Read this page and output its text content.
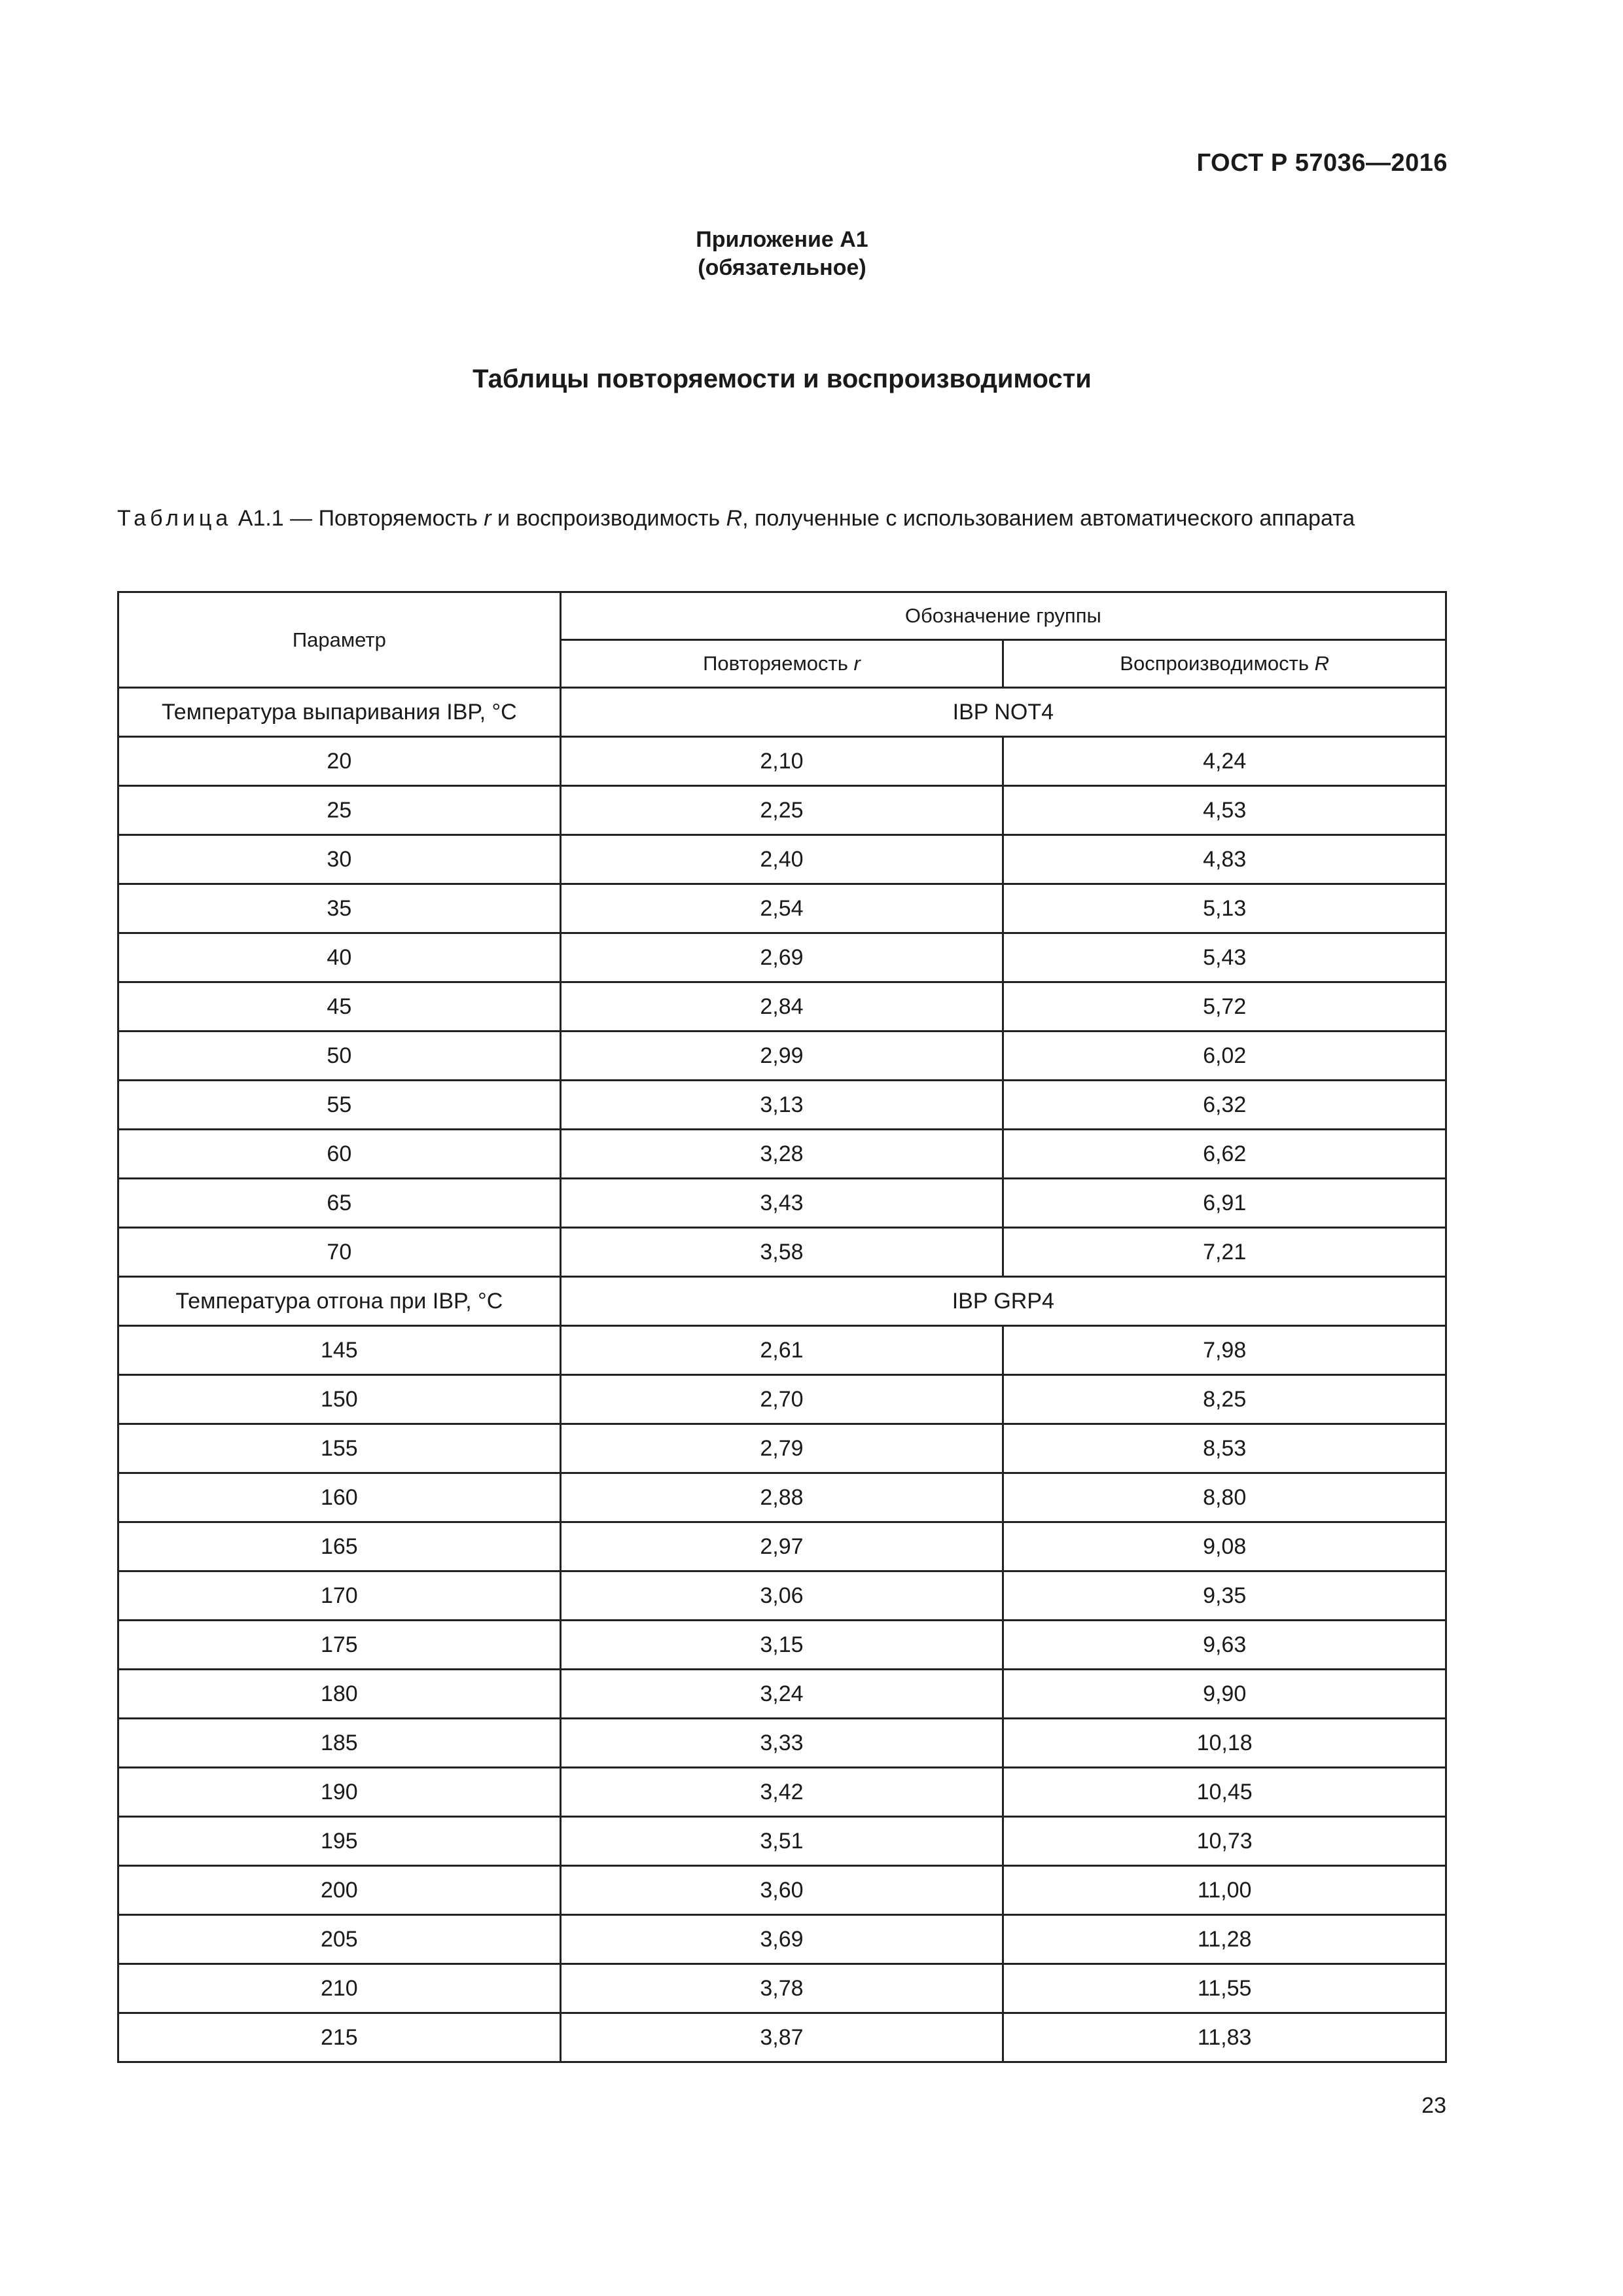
ГОСТ Р 57036—2016
Приложение А1
(обязательное)
Таблицы повторяемости и воспроизводимости
Таблица А1.1 — Повторяемость r и воспроизводимость R, полученные с использованием автоматического аппарата
Параметр	Обозначение группы	
	Повторяемость r	Воспроизводимость R
Температура выпаривания IBP, °C	IBP NOT4	
20	2,10	4,24
25	2,25	4,53
30	2,40	4,83
35	2,54	5,13
40	2,69	5,43
45	2,84	5,72
50	2,99	6,02
55	3,13	6,32
60	3,28	6,62
65	3,43	6,91
70	3,58	7,21
Температура отгона при IBP, °C	IBP GRP4	
145	2,61	7,98
150	2,70	8,25
155	2,79	8,53
160	2,88	8,80
165	2,97	9,08
170	3,06	9,35
175	3,15	9,63
180	3,24	9,90
185	3,33	10,18
190	3,42	10,45
195	3,51	10,73
200	3,60	11,00
205	3,69	11,28
210	3,78	11,55
215	3,87	11,83
23
